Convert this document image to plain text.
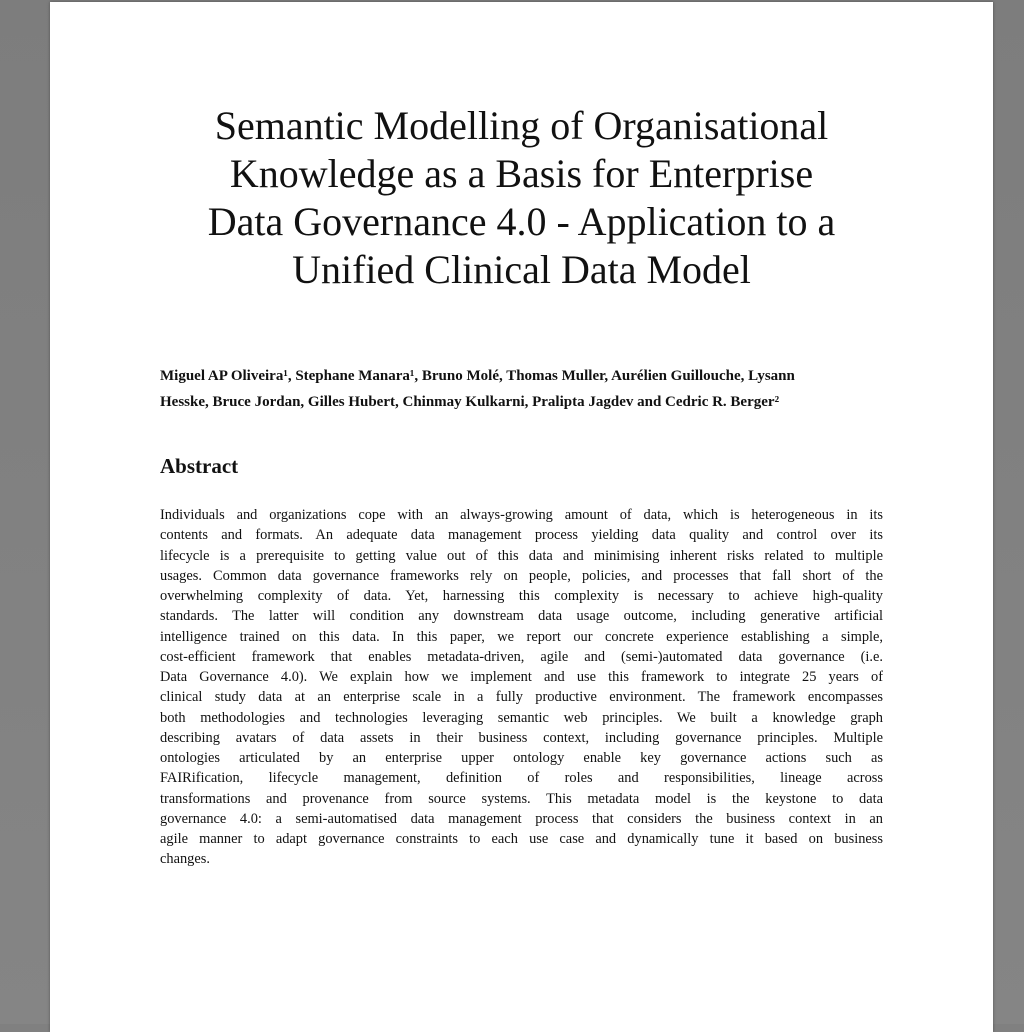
Semantic Modelling of Organisational
Knowledge as a Basis for Enterprise
Data Governance 4.0 - Application to a
Unified Clinical Data Model
Miguel AP Oliveira¹, Stephane Manara¹, Bruno Molé, Thomas Muller, Aurélien Guillouche, Lysann
Hesske, Bruce Jordan, Gilles Hubert, Chinmay Kulkarni, Pralipta Jagdev and Cedric R. Berger²
Abstract
Individuals and organizations cope with an always-growing amount of data, which is heterogeneous in its
contents and formats. An adequate data management process yielding data quality and control over its
lifecycle is a prerequisite to getting value out of this data and minimising inherent risks related to multiple
usages. Common data governance frameworks rely on people, policies, and processes that fall short of the
overwhelming complexity of data. Yet, harnessing this complexity is necessary to achieve high-quality
standards. The latter will condition any downstream data usage outcome, including generative artificial
intelligence trained on this data. In this paper, we report our concrete experience establishing a simple,
cost-efficient framework that enables metadata-driven, agile and (semi-)automated data governance (i.e.
Data Governance 4.0). We explain how we implement and use this framework to integrate 25 years of
clinical study data at an enterprise scale in a fully productive environment. The framework encompasses
both methodologies and technologies leveraging semantic web principles. We built a knowledge graph
describing avatars of data assets in their business context, including governance principles. Multiple
ontologies articulated by an enterprise upper ontology enable key governance actions such as
FAIRification, lifecycle management, definition of roles and responsibilities, lineage across
transformations and provenance from source systems. This metadata model is the keystone to data
governance 4.0: a semi-automatised data management process that considers the business context in an
agile manner to adapt governance constraints to each use case and dynamically tune it based on business
changes.
